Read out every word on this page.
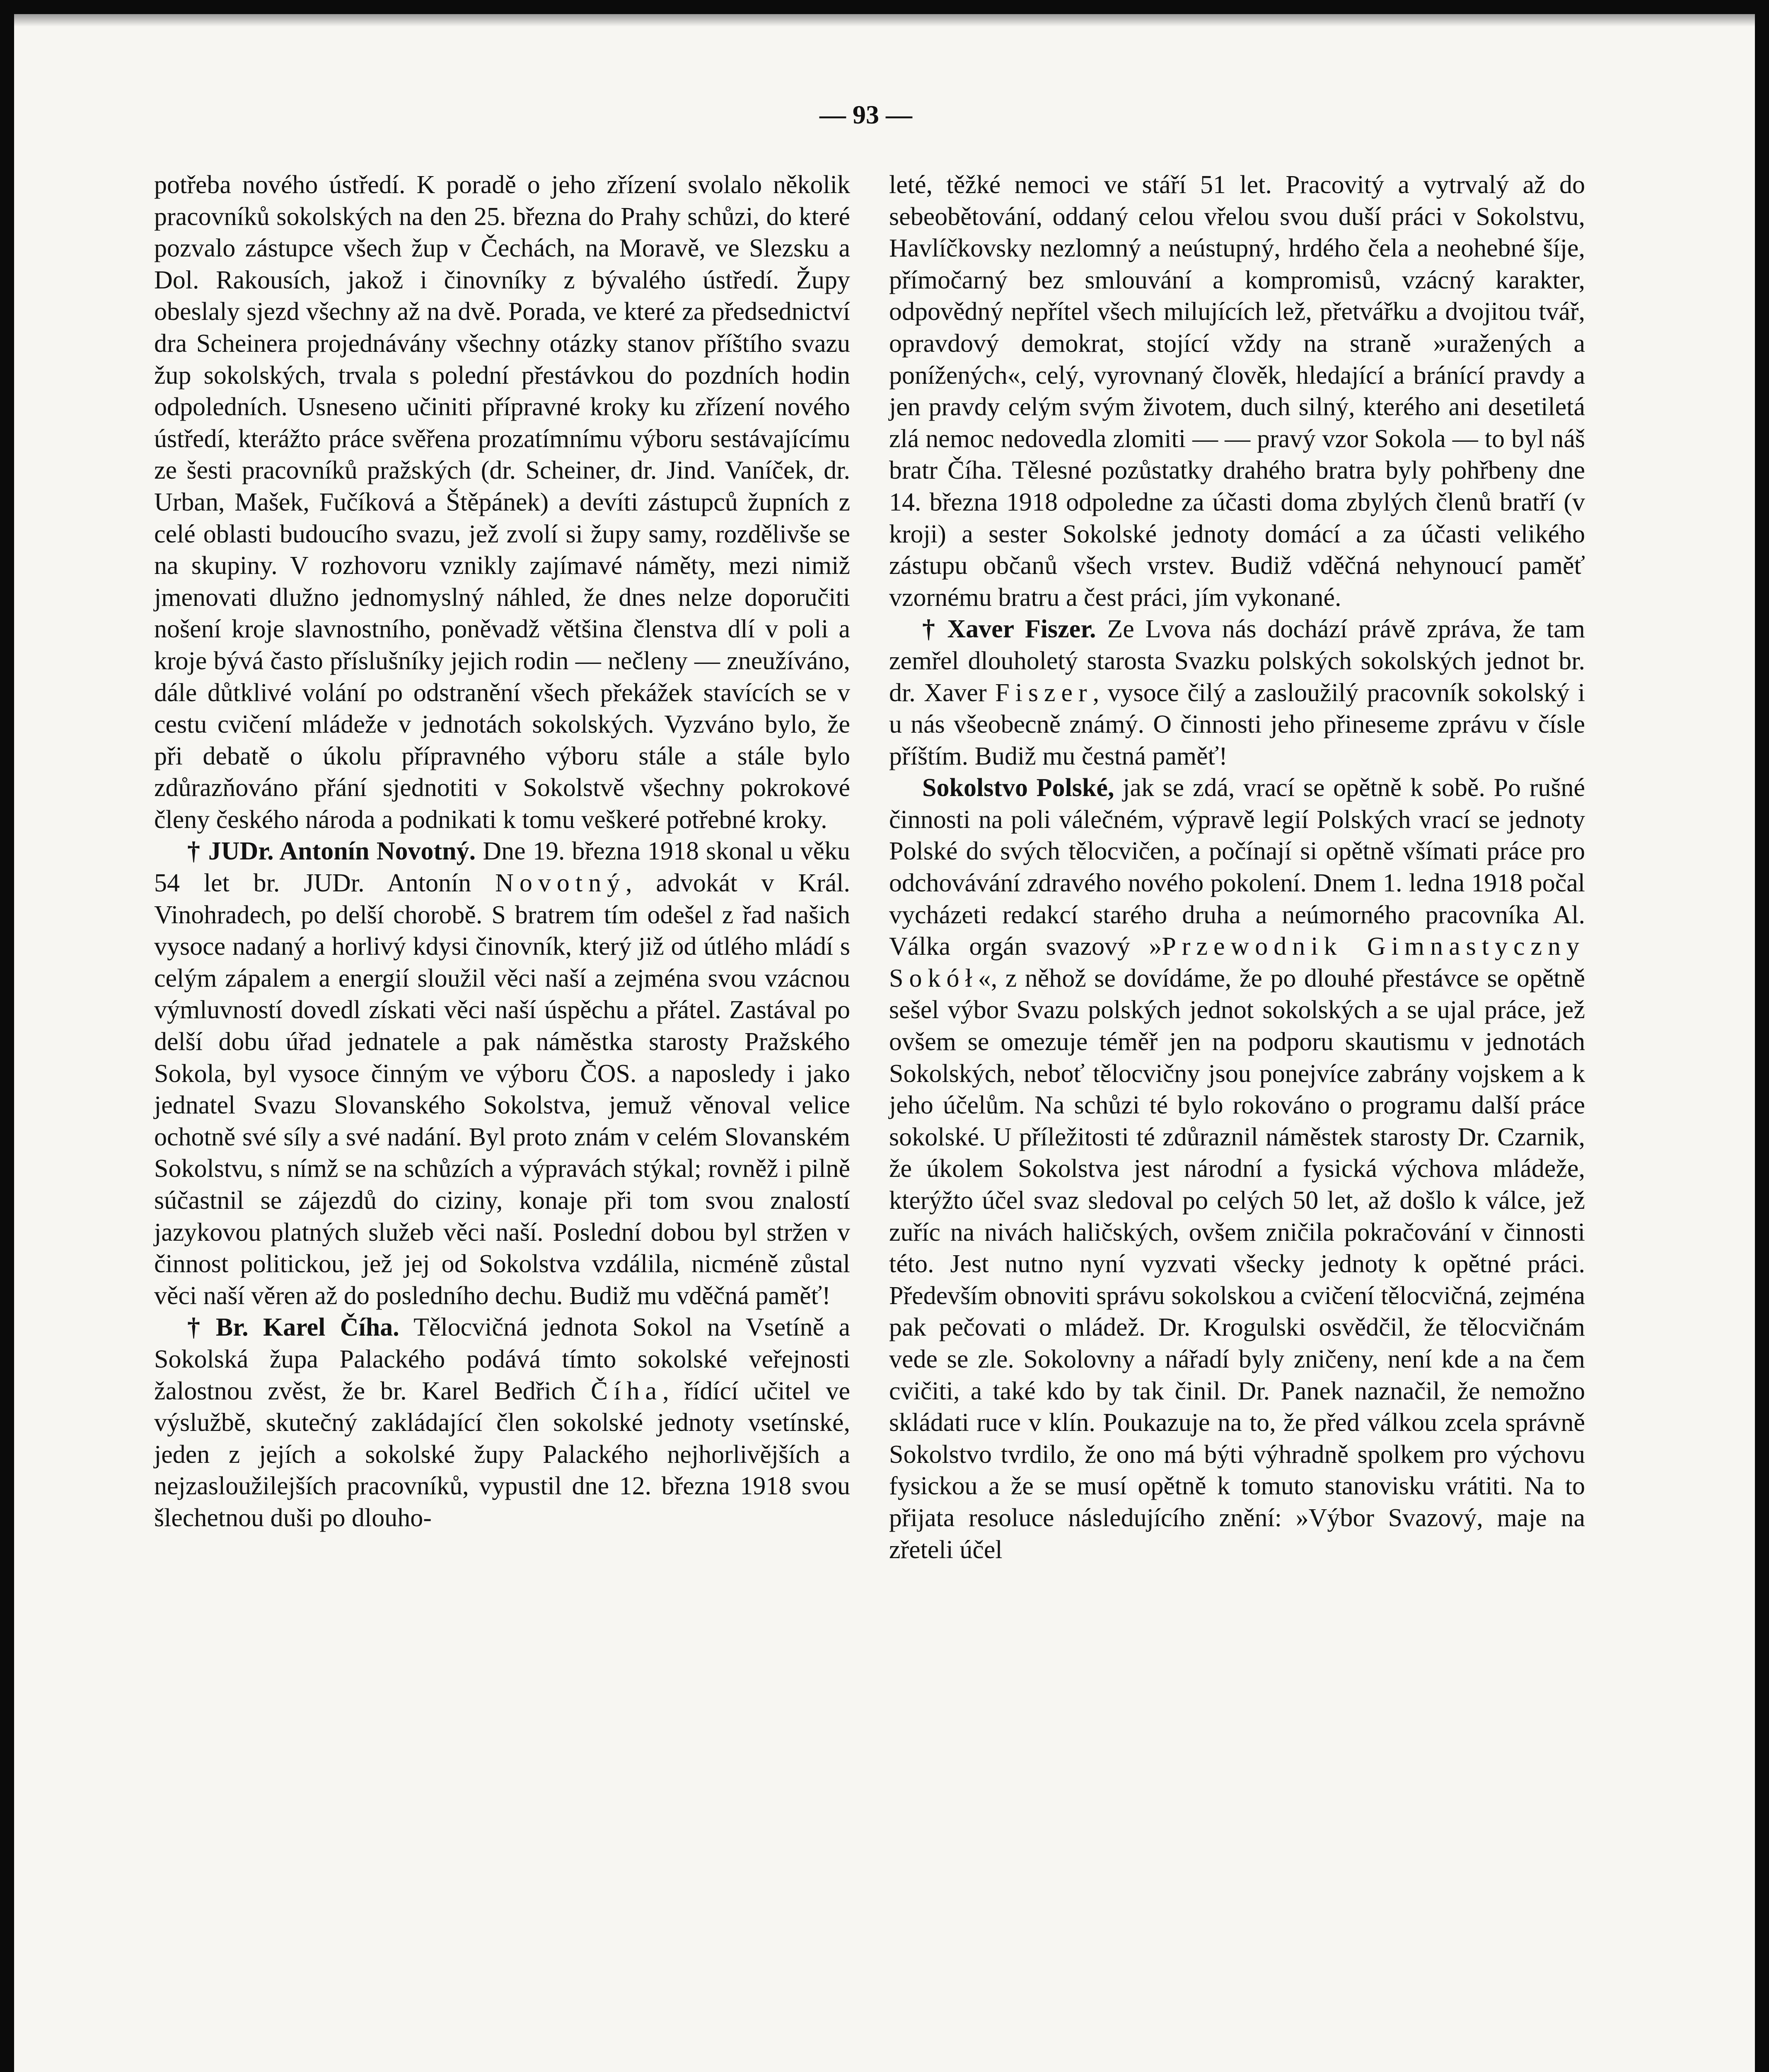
— 93 —

potřeba nového ústředí. K poradě o jeho zřízení svolalo několik pracovníků sokolských na den 25. března do Prahy schůzi, do které pozvalo zástupce všech žup v Čechách, na Moravě, ve Slezsku a Dol. Rakousích, jakož i činovníky z bývalého ústředí. Župy obeslaly sjezd všechny až na dvě. Porada, ve které za předsednictví dra Scheinera projednávány všechny otázky stanov příštího svazu žup sokolských, trvala s polední přestávkou do pozdních hodin odpoledních. Usneseno učiniti přípravné kroky ku zřízení nového ústředí, kterážto práce svěřena prozatímnímu výboru sestávajícímu ze šesti pracovníků pražských (dr. Scheiner, dr. Jind. Vaníček, dr. Urban, Mašek, Fučíková a Štěpánek) a devíti zástupců župních z celé oblasti budoucího svazu, jež zvolí si župy samy, rozdělivše se na skupiny. V rozhovoru vznikly zajímavé náměty, mezi nimiž jmenovati dlužno jednomyslný náhled, že dnes nelze doporučiti nošení kroje slavnostního, poněvadž většina členstva dlí v poli a kroje bývá často příslušníky jejich rodin — nečleny — zneužíváno, dále důtklivé volání po odstranění všech překážek stavících se v cestu cvičení mládeže v jednotách sokolských. Vyzváno bylo, že při debatě o úkolu přípravného výboru stále a stále bylo zdůrazňováno přání sjednotiti v Sokolstvě všechny pokrokové členy českého národa a podnikati k tomu veškeré potřebné kroky.

† JUDr. Antonín Novotný. Dne 19. března 1918 skonal u věku 54 let br. JUDr. Antonín Novotný, advokát v Král. Vinohradech, po delší chorobě. S bratrem tím odešel z řad našich vysoce nadaný a horlivý kdysi činovník, který již od útlého mládí s celým zápalem a energií sloužil věci naší a zejména svou vzácnou výmluvností dovedl získati věci naší úspěchu a přátel. Zastával po delší dobu úřad jednatele a pak náměstka starosty Pražského Sokola, byl vysoce činným ve výboru ČOS. a naposledy i jako jednatel Svazu Slovanského Sokolstva, jemuž věnoval velice ochotně své síly a své nadání. Byl proto znám v celém Slovanském Sokolstvu, s nímž se na schůzích a výpravách stýkal; rovněž i pilně súčastnil se zájezdů do ciziny, konaje při tom svou znalostí jazykovou platných služeb věci naší. Poslední dobou byl stržen v činnost politickou, jež jej od Sokolstva vzdálila, nicméně zůstal věci naší věren až do posledního dechu. Budiž mu vděčná paměť!

† Br. Karel Číha. Tělocvičná jednota Sokol na Vsetíně a Sokolská župa Palackého podává tímto sokolské veřejnosti žalostnou zvěst, že br. Karel Bedřich Číha, řídící učitel ve výslužbě, skutečný zakládající člen sokolské jednoty vsetínské, jeden z jejích a sokolské župy Palackého nejhorlivějších a nejzasloužilejších pracovníků, vypustil dne 12. března 1918 svou šlechetnou duši po dlouho-

leté, těžké nemoci ve stáří 51 let. Pracovitý a vytrvalý až do sebeobětování, oddaný celou vřelou svou duší práci v Sokolstvu, Havlíčkovsky nezlomný a neústupný, hrdého čela a neohebné šíje, přímočarný bez smlouvání a kompromisů, vzácný karakter, odpovědný nepřítel všech milujících lež, přetvářku a dvojitou tvář, opravdový demokrat, stojící vždy na straně »uražených a ponížených«, celý, vyrovnaný člověk, hledající a bránící pravdy a jen pravdy celým svým životem, duch silný, kterého ani desetiletá zlá nemoc nedovedla zlomiti — — pravý vzor Sokola — to byl náš bratr Číha. Tělesné pozůstatky drahého bratra byly pohřbeny dne 14. března 1918 odpoledne za účasti doma zbylých členů bratří (v kroji) a sester Sokolské jednoty domácí a za účasti velikého zástupu občanů všech vrstev. Budiž vděčná nehynoucí paměť vzornému bratru a čest práci, jím vykonané.

† Xaver Fiszer. Ze Lvova nás dochází právě zpráva, že tam zemřel dlouholetý starosta Svazku polských sokolských jednot br. dr. Xaver Fiszer, vysoce čilý a zasloužilý pracovník sokolský i u nás všeobecně známý. O činnosti jeho přineseme zprávu v čísle příštím. Budiž mu čestná paměť!

Sokolstvo Polské, jak se zdá, vrací se opětně k sobě. Po rušné činnosti na poli válečném, výpravě legií Polských vrací se jednoty Polské do svých tělocvičen, a počínají si opětně všímati práce pro odchovávání zdravého nového pokolení. Dnem 1. ledna 1918 počal vycházeti redakcí starého druha a neúmorného pracovníka Al. Válka orgán svazový »Przewodnik Gimnastyczny Sokół«, z něhož se dovídáme, že po dlouhé přestávce se opětně sešel výbor Svazu polských jednot sokolských a se ujal práce, jež ovšem se omezuje téměř jen na podporu skautismu v jednotách Sokolských, neboť tělocvičny jsou ponejvíce zabrány vojskem a k jeho účelům. Na schůzi té bylo rokováno o programu další práce sokolské. U příležitosti té zdůraznil náměstek starosty Dr. Czarnik, že úkolem Sokolstva jest národní a fysická výchova mládeže, kterýžto účel svaz sledoval po celých 50 let, až došlo k válce, jež zuříc na nivách haličských, ovšem zničila pokračování v činnosti této. Jest nutno nyní vyzvati všecky jednoty k opětné práci. Především obnoviti správu sokolskou a cvičení tělocvičná, zejména pak pečovati o mládež. Dr. Krogulski osvědčil, že tělocvičnám vede se zle. Sokolovny a nářadí byly zničeny, není kde a na čem cvičiti, a také kdo by tak činil. Dr. Panek naznačil, že nemožno skládati ruce v klín. Poukazuje na to, že před válkou zcela správně Sokolstvo tvrdilo, že ono má býti výhradně spolkem pro výchovu fysickou a že se musí opětně k tomuto stanovisku vrátiti. Na to přijata resoluce následujícího znění: »Výbor Svazový, maje na zřeteli účel
